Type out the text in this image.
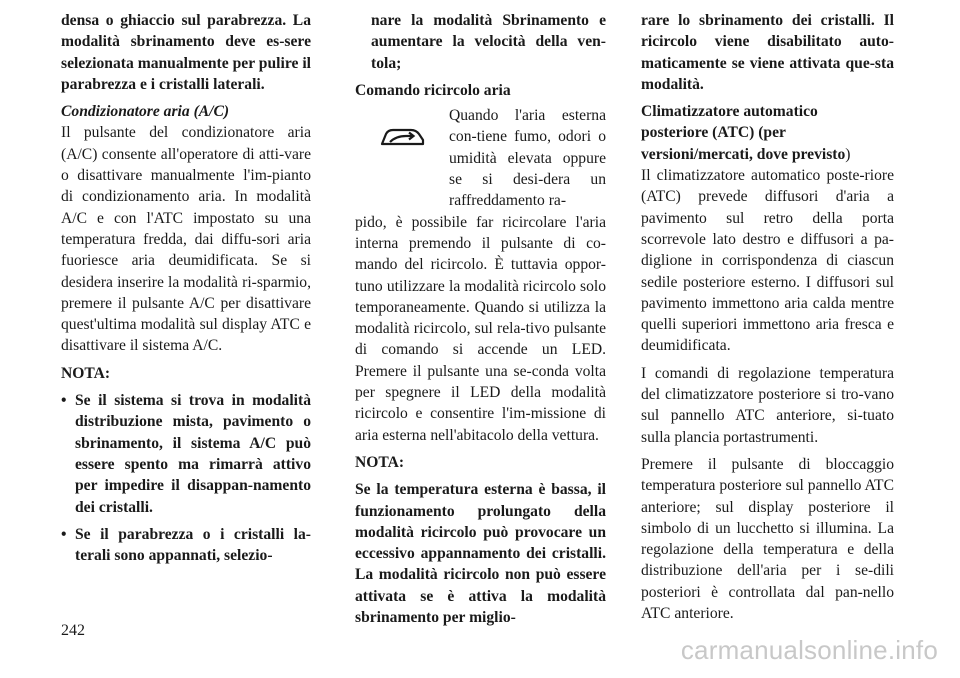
densa o ghiaccio sul parabrezza. La modalità sbrinamento deve es-sere selezionata manualmente per pulire il parabrezza e i cristalli laterali.

Condizionatore aria (A/C)

Il pulsante del condizionatore aria (A/C) consente all'operatore di atti-vare o disattivare manualmente l'im-pianto di condizionamento aria. In modalità A/C e con l'ATC impostato su una temperatura fredda, dai diffu-sori aria fuoriesce aria deumidificata. Se si desidera inserire la modalità ri-sparmio, premere il pulsante A/C per disattivare quest'ultima modalità sul display ATC e disattivare il sistema A/C.

NOTA:

• Se il sistema si trova in modalità distribuzione mista, pavimento o sbrinamento, il sistema A/C può essere spento ma rimarrà attivo per impedire il disappan-namento dei cristalli.
• Se il parabrezza o i cristalli la-terali sono appannati, selezio-

nare la modalità Sbrinamento e aumentare la velocità della ven-tola;

Comando ricircolo aria

Quando l'aria esterna con-tiene fumo, odori o umidità elevata oppure se si desi-dera un raffreddamento ra-

pido, è possibile far ricircolare l'aria interna premendo il pulsante di co-mando del ricircolo. È tuttavia oppor-tuno utilizzare la modalità ricircolo solo temporaneamente. Quando si utilizza la modalità ricircolo, sul rela-tivo pulsante di comando si accende un LED. Premere il pulsante una se-conda volta per spegnere il LED della modalità ricircolo e consentire l'im-missione di aria esterna nell'abitacolo della vettura.

NOTA:

Se la temperatura esterna è bassa, il funzionamento prolungato della modalità ricircolo può provocare un eccessivo appannamento dei cristalli. La modalità ricircolo non può essere attivata se è attiva la modalità sbrinamento per miglio-

rare lo sbrinamento dei cristalli. Il ricircolo viene disabilitato auto-maticamente se viene attivata que-sta modalità.

Climatizzatore automatico
posteriore (ATC) (per
versioni/mercati, dove previsto)

Il climatizzatore automatico poste-riore (ATC) prevede diffusori d'aria a pavimento sul retro della porta scorrevole lato destro e diffusori a pa-diglione in corrispondenza di ciascun sedile posteriore esterno. I diffusori sul pavimento immettono aria calda mentre quelli superiori immettono aria fresca e deumidificata.

I comandi di regolazione temperatura del climatizzatore posteriore si tro-vano sul pannello ATC anteriore, si-tuato sulla plancia portastrumenti.

Premere il pulsante di bloccaggio temperatura posteriore sul pannello ATC anteriore; sul display posteriore il simbolo di un lucchetto si illumina. La regolazione della temperatura e della distribuzione dell'aria per i se-dili posteriori è controllata dal pan-nello ATC anteriore.

242
carmanualsonline.info
